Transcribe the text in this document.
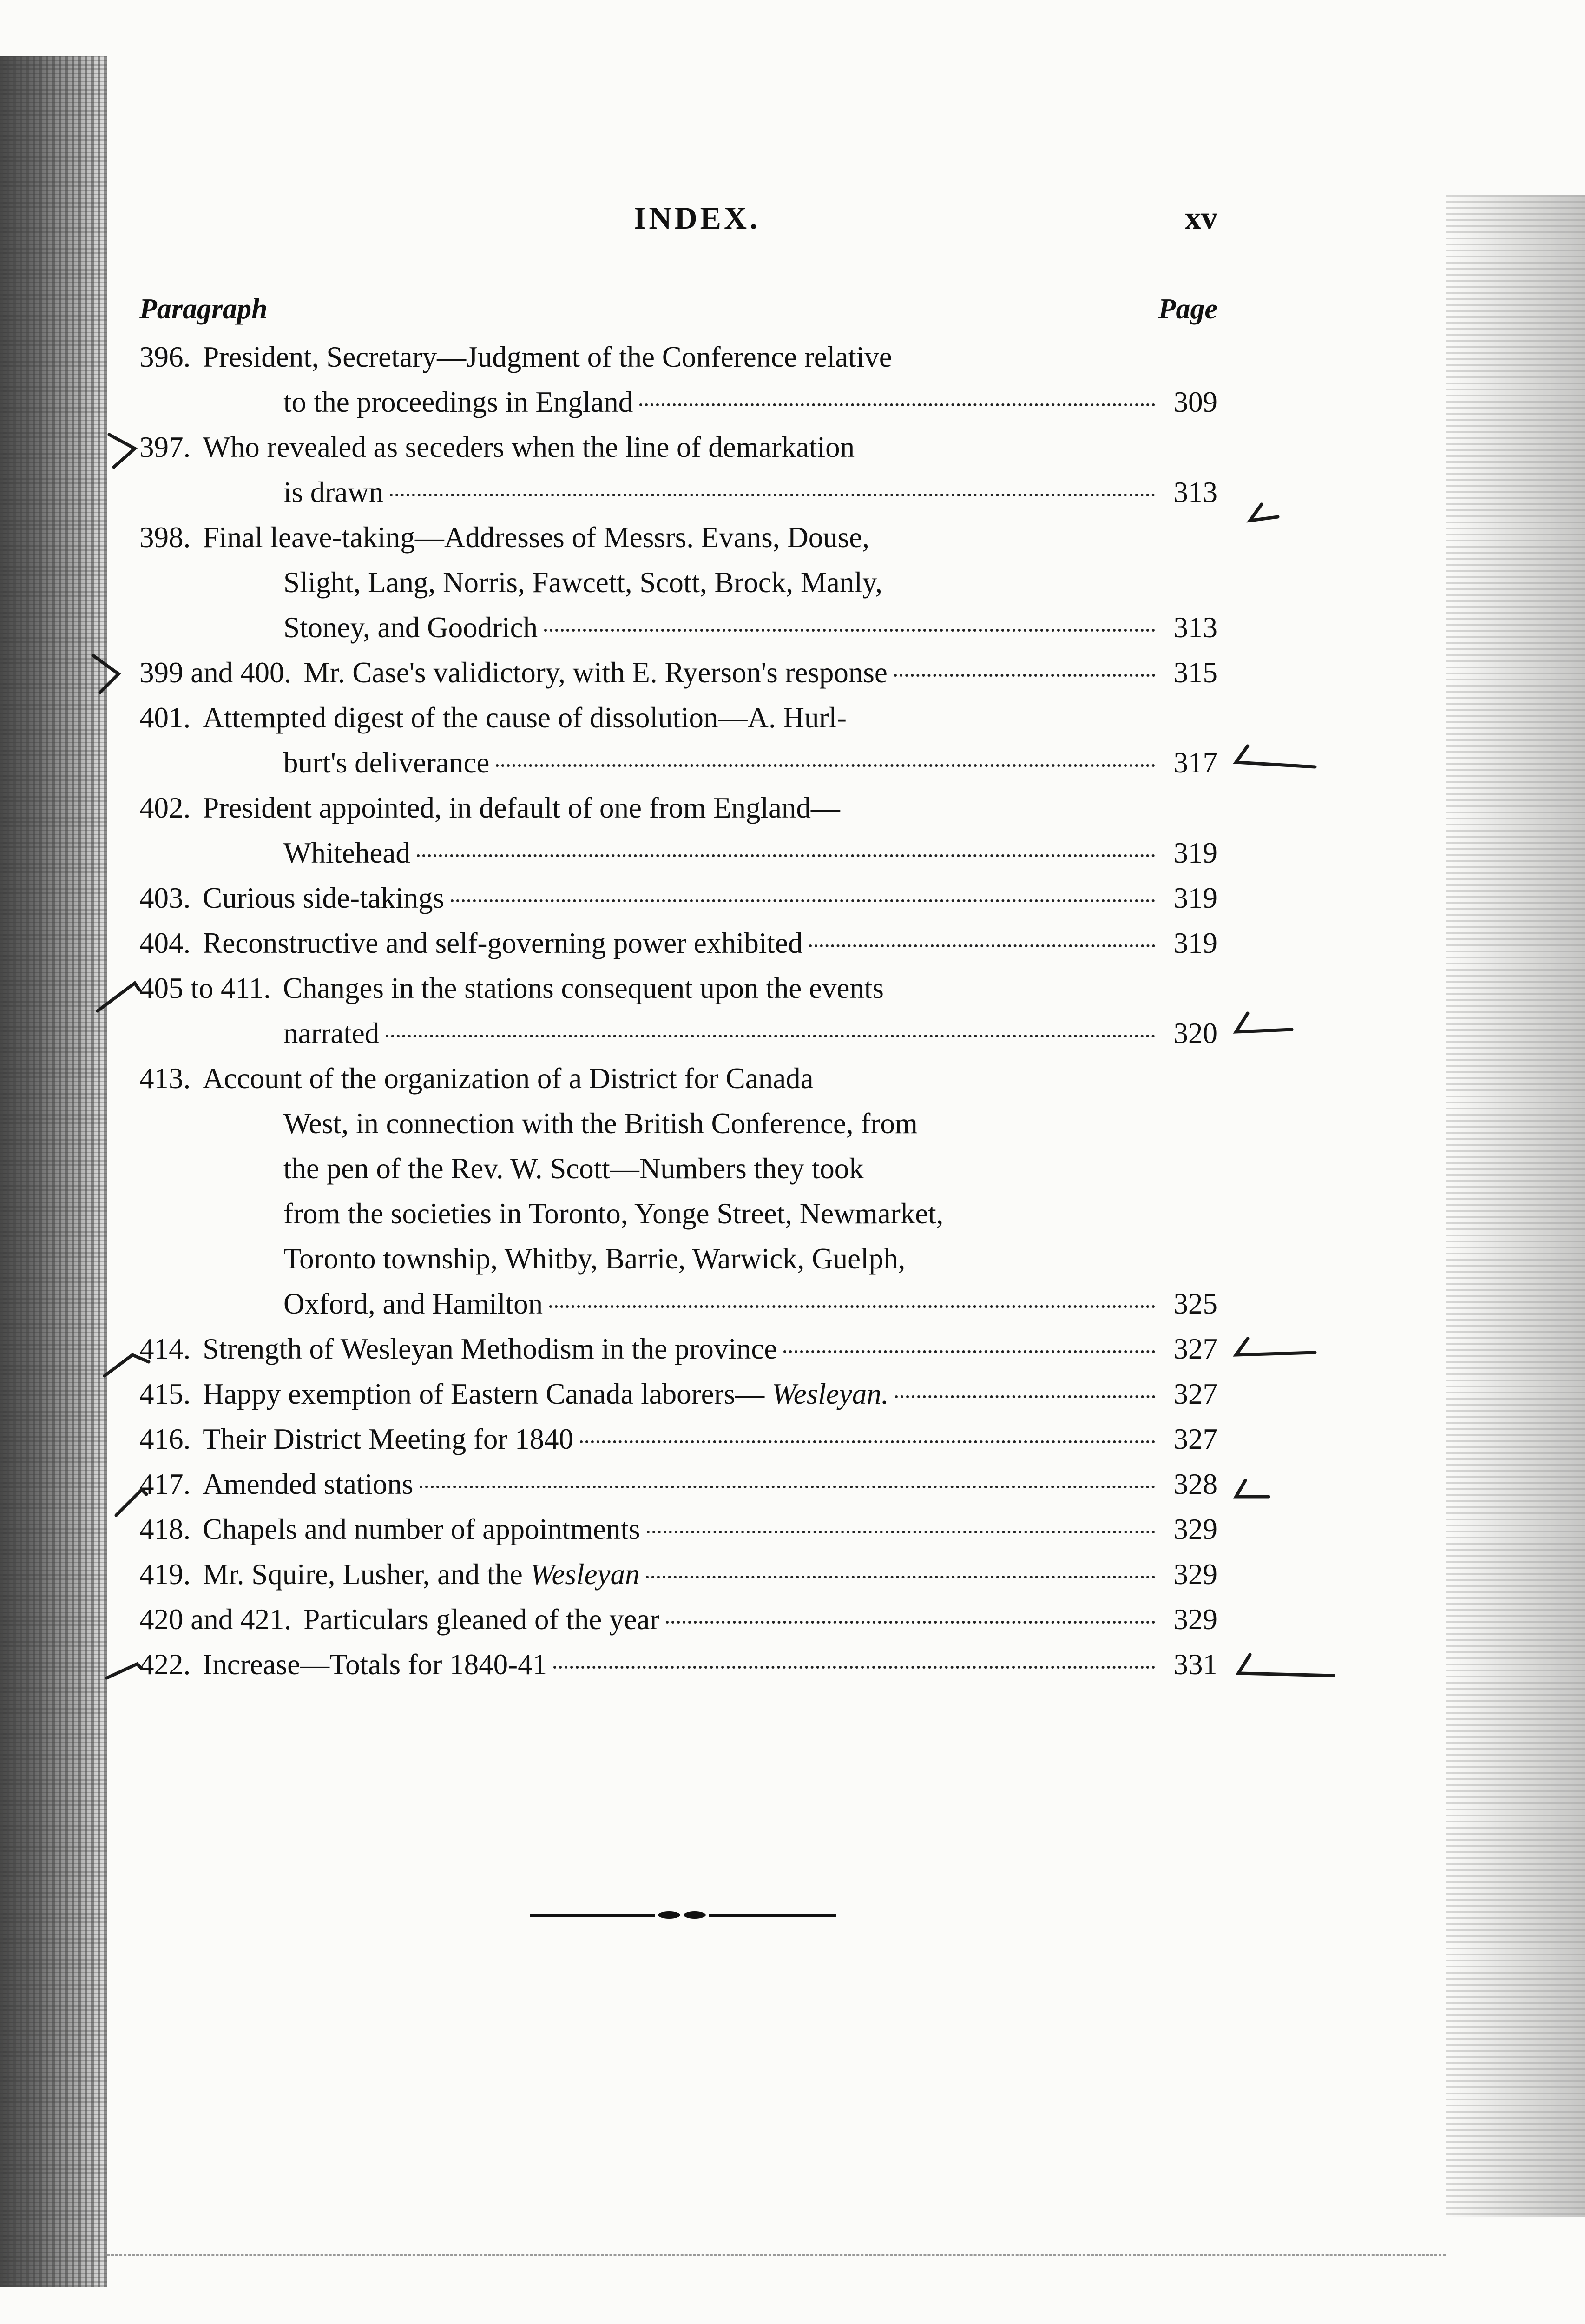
INDEX.	xv
Paragraph	Page
396. President, Secretary—Judgment of the Conference relative
to the proceedings in England	309
397. Who revealed as seceders when the line of demarkation
is drawn	313
398. Final leave-taking—Addresses of Messrs. Evans, Douse,
Slight, Lang, Norris, Fawcett, Scott, Brock, Manly,
Stoney, and Goodrich	313
399 and 400. Mr. Case's validictory, with E. Ryerson's response	315
401. Attempted digest of the cause of dissolution—A. Hurl-
burt's deliverance	317
402. President appointed, in default of one from England—
Whitehead	319
403. Curious side-takings	319
404. Reconstructive and self-governing power exhibited	319
405 to 411. Changes in the stations consequent upon the events
narrated	320
413. Account of the organization of a District for Canada
West, in connection with the British Conference, from
the pen of the Rev. W. Scott—Numbers they took
from the societies in Toronto, Yonge Street, Newmarket,
Toronto township, Whitby, Barrie, Warwick, Guelph,
Oxford, and Hamilton	325
414. Strength of Wesleyan Methodism in the province	327
415. Happy exemption of Eastern Canada laborers— Wesleyan.	327
416. Their District Meeting for 1840	327
417. Amended stations	328
418. Chapels and number of appointments	329
419. Mr. Squire, Lusher, and the Wesleyan	329
420 and 421. Particulars gleaned of the year	329
422. Increase—Totals for 1840-41	331
